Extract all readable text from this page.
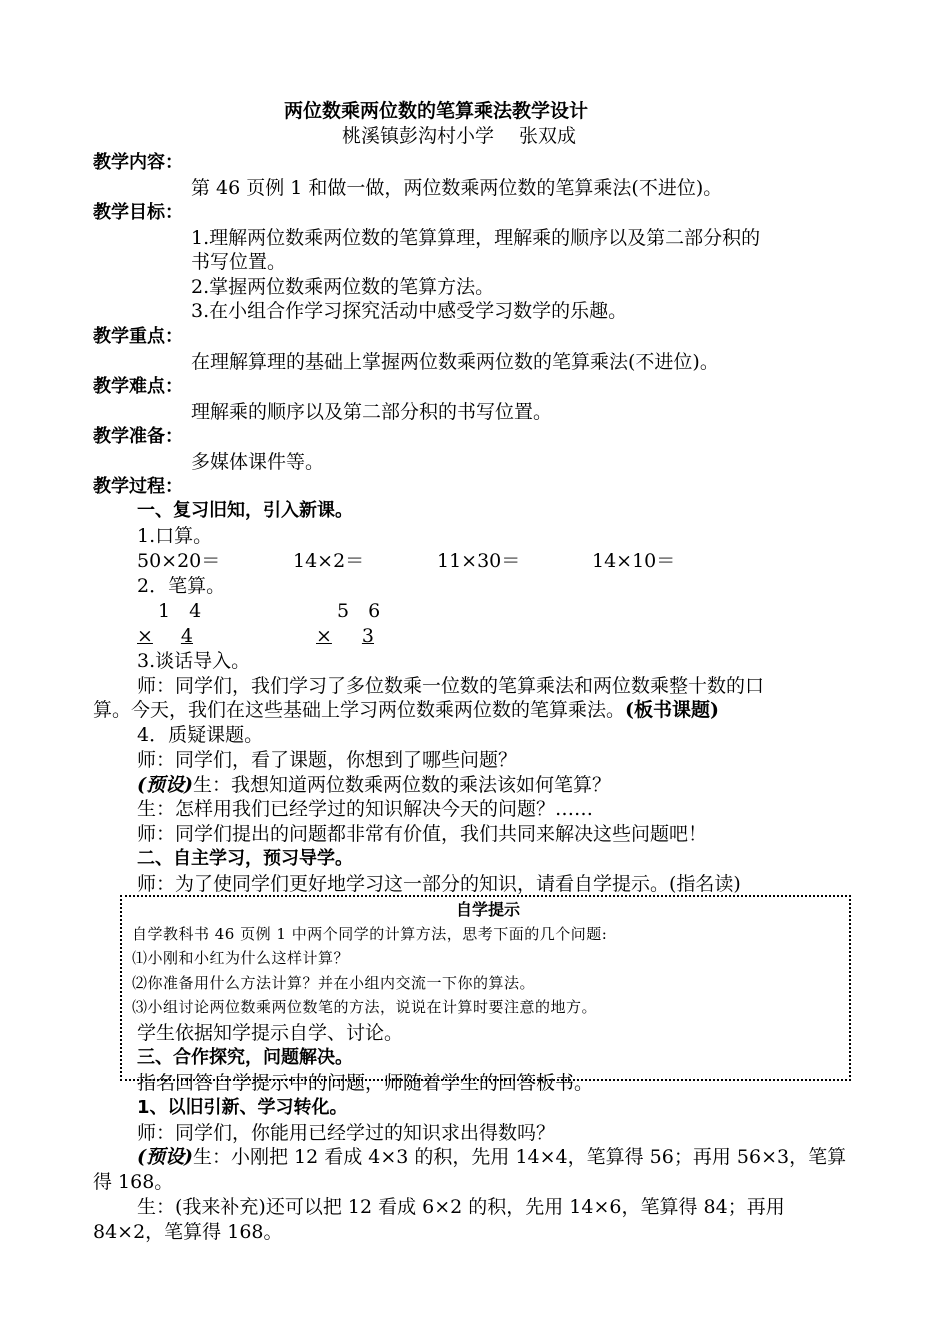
两位数乘两位数的笔算乘法教学设计
桃溪镇彭沟村小学　 张双成
教学内容：
第 46 页例 1 和做一做，两位数乘两位数的笔算乘法(不进位)。
教学目标：
1.理解两位数乘两位数的笔算算理，理解乘的顺序以及第二部分积的
书写位置。
2.掌握两位数乘两位数的笔算方法。
3.在小组合作学习探究活动中感受学习数学的乐趣。
教学重点：
在理解算理的基础上掌握两位数乘两位数的笔算乘法(不进位)。
教学难点：
理解乘的顺序以及第二部分积的书写位置。
教学准备：
多媒体课件等。
教学过程：
一、复习旧知，引入新课。
1.口算。
50×20＝	14×2＝	11×30＝	14×10＝
2．笔算。
1　4
× 4
5　6
× 3
3.谈话导入。
师：同学们，我们学习了多位数乘一位数的笔算乘法和两位数乘整十数的口
算。今天，我们在这些基础上学习两位数乘两位数的笔算乘法。(板书课题)
4．质疑课题。
师：同学们，看了课题，你想到了哪些问题？
(预设)生：我想知道两位数乘两位数的乘法该如何笔算？
生：怎样用我们已经学过的知识解决今天的问题？……
师：同学们提出的问题都非常有价值，我们共同来解决这些问题吧！
二、自主学习，预习导学。
师：为了使同学们更好地学习这一部分的知识，请看自学提示。(指名读)
自学提示
自学教科书 46 页例 1 中两个同学的计算方法，思考下面的几个问题:
⑴小刚和小红为什么这样计算？
⑵你准备用什么方法计算？并在小组内交流一下你的算法。
⑶小组讨论两位数乘两位数笔的方法，说说在计算时要注意的地方。
学生依据知学提示自学、讨论。
三、合作探究，问题解决。
指名回答自学提示中的问题，师随着学生的回答板书。
1、以旧引新、学习转化。
师：同学们，你能用已经学过的知识求出得数吗？
(预设)生：小刚把 12 看成 4×3 的积，先用 14×4，笔算得 56；再用 56×3，笔算
得 168。
生：(我来补充)还可以把 12 看成 6×2 的积，先用 14×6，笔算得 84；再用
84×2，笔算得 168。
